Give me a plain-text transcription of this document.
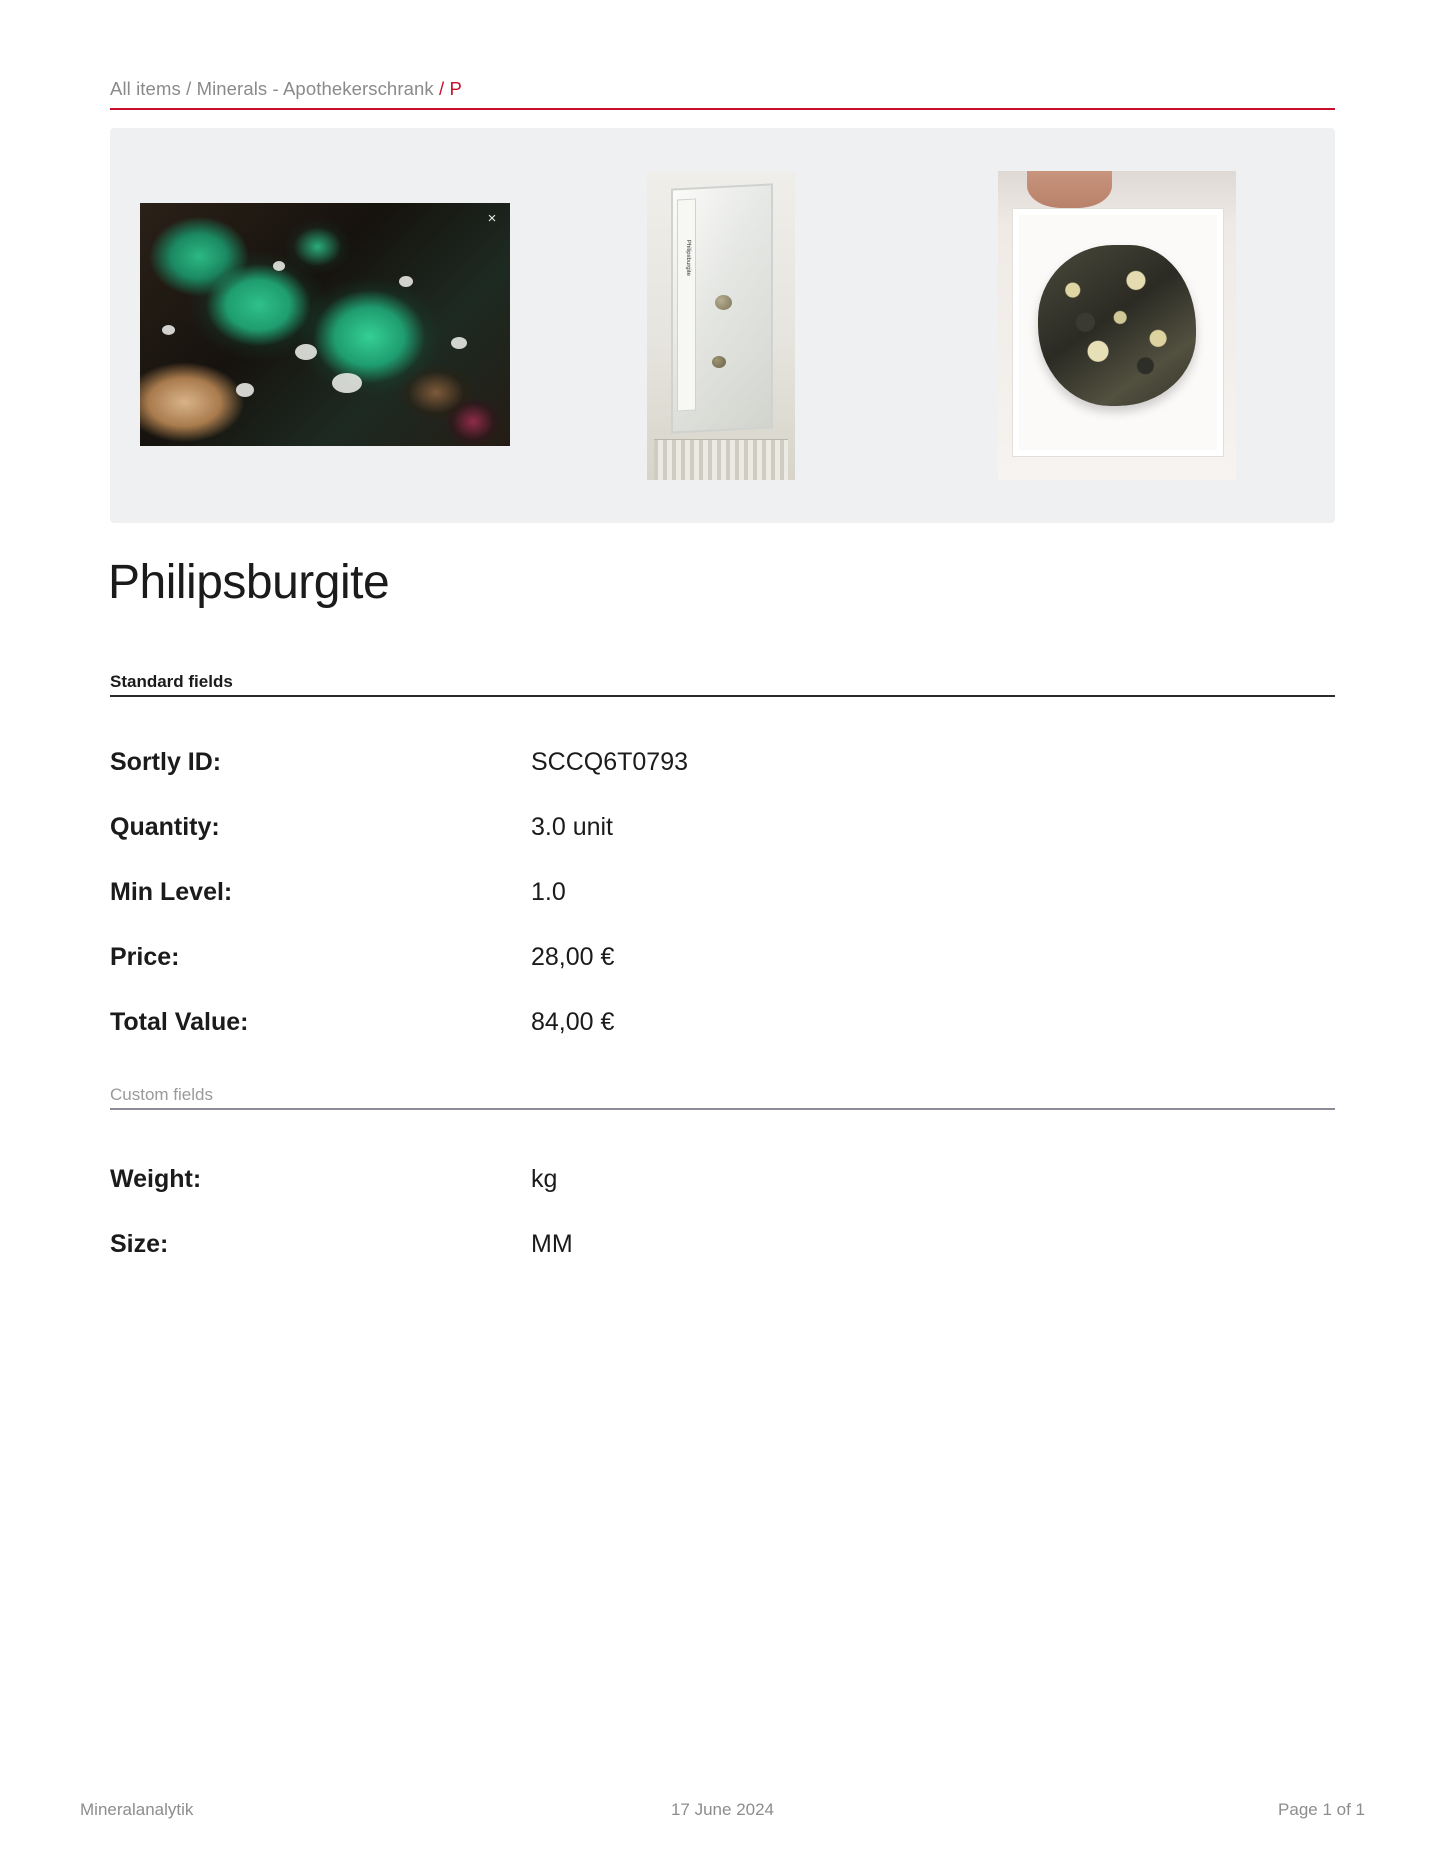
All items / Minerals - Apothekerschrank / P
×
Philipsburgite
Philipsburgite
Standard fields
Sortly ID:	SCCQ6T0793
Quantity:	3.0 unit
Min Level:	1.0
Price:	28,00 €
Total Value:	84,00 €
Custom fields
Weight:	kg
Size:	MM
Mineralanalytik	17 June 2024	Page 1 of 1
